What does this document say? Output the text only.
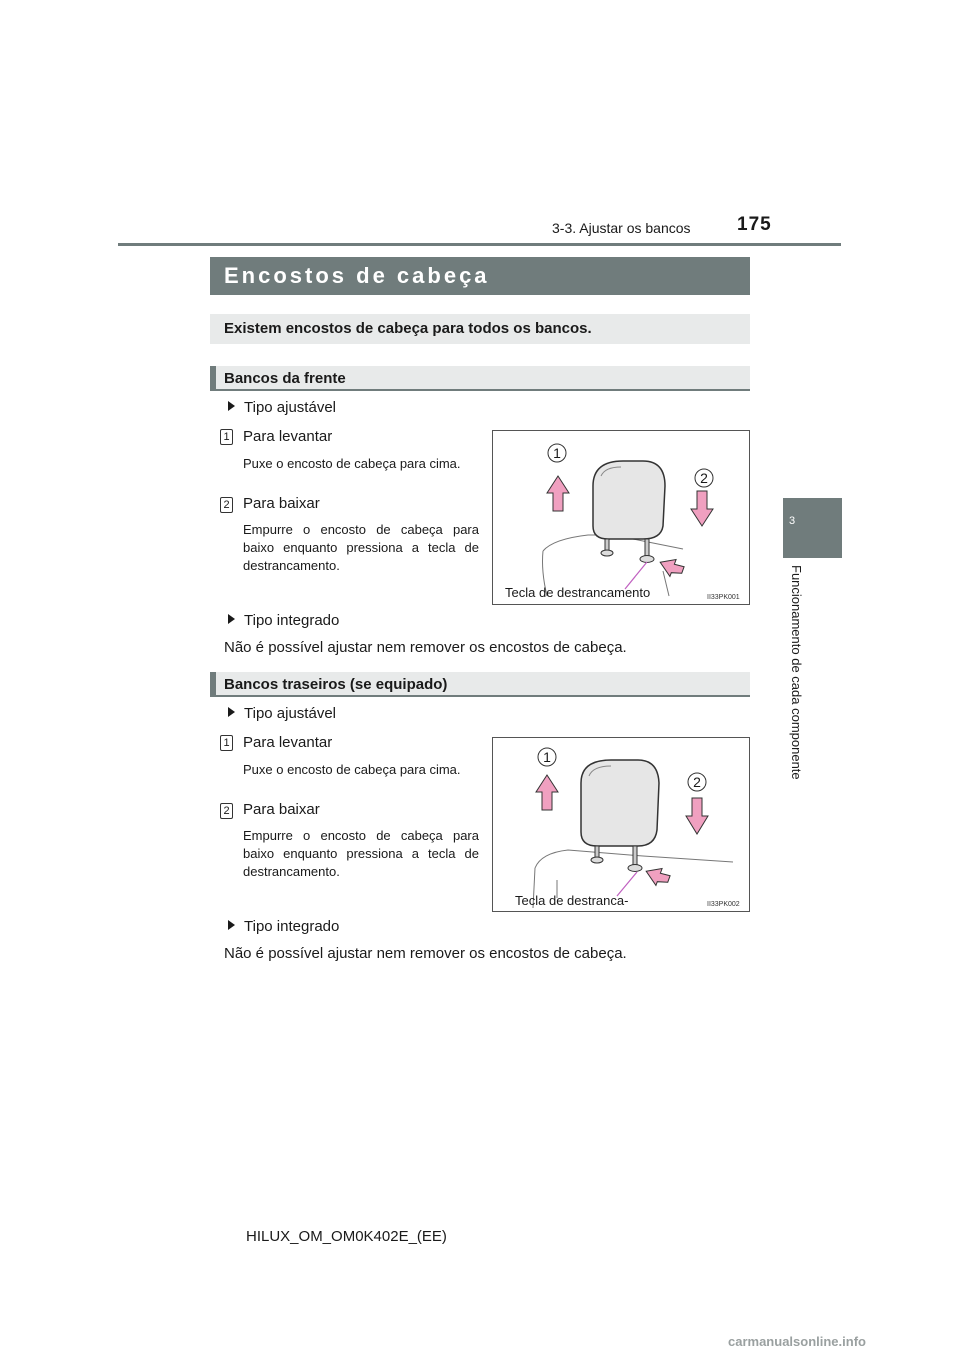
175
3-3. Ajustar os bancos
3
Funcionamento de cada componente
Encostos de cabeça
Existem encostos de cabeça para todos os bancos.
Bancos da frente
Tipo ajustável
1 Para levantar
Puxe o encosto de cabeça para cima.
2 Para baixar
Empurre o encosto de cabeça para baixo enquanto pressiona a tecla de destrancamento.
1
2
Tecla de destrancamento	II33PK001
Tipo integrado
Não é possível ajustar nem remover os encostos de cabeça.
Bancos traseiros (se equipado)
Tipo ajustável
1 Para levantar
Puxe o encosto de cabeça para cima.
2 Para baixar
Empurre o encosto de cabeça para baixo enquanto pressiona a tecla de destrancamento.
1
2
Tecla de destranca-	II33PK002
Tipo integrado
Não é possível ajustar nem remover os encostos de cabeça.
HILUX_OM_OM0K402E_(EE)
carmanualsonline.info
